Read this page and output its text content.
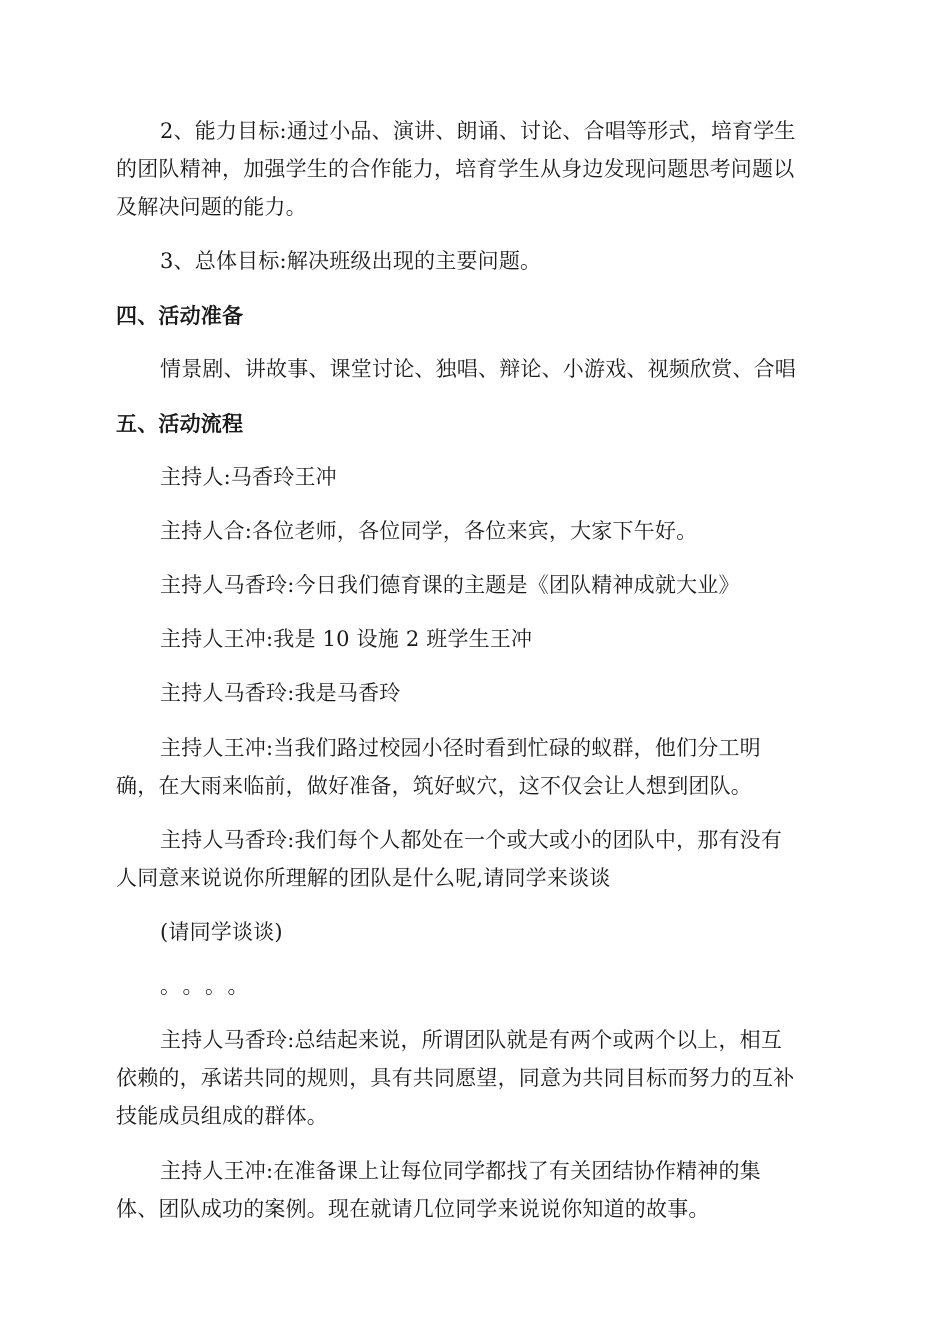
2、能力目标:通过小品、演讲、朗诵、讨论、合唱等形式，培育学生
的团队精神，加强学生的合作能力，培育学生从身边发现问题思考问题以
及解决问题的能力。
3、总体目标:解决班级出现的主要问题。
四、活动准备
情景剧、讲故事、课堂讨论、独唱、辩论、小游戏、视频欣赏、合唱
五、活动流程
主持人:马香玲王冲
主持人合:各位老师，各位同学，各位来宾，大家下午好。
主持人马香玲:今日我们德育课的主题是《团队精神成就大业》
主持人王冲:我是 10 设施 2 班学生王冲
主持人马香玲:我是马香玲
主持人王冲:当我们路过校园小径时看到忙碌的蚁群，他们分工明
确，在大雨来临前，做好准备，筑好蚁穴，这不仅会让人想到团队。
主持人马香玲:我们每个人都处在一个或大或小的团队中，那有没有
人同意来说说你所理解的团队是什么呢,请同学来谈谈
(请同学谈谈)
。。。。
主持人马香玲:总结起来说，所谓团队就是有两个或两个以上，相互
依赖的，承诺共同的规则，具有共同愿望，同意为共同目标而努力的互补
技能成员组成的群体。
主持人王冲:在准备课上让每位同学都找了有关团结协作精神的集
体、团队成功的案例。现在就请几位同学来说说你知道的故事。
